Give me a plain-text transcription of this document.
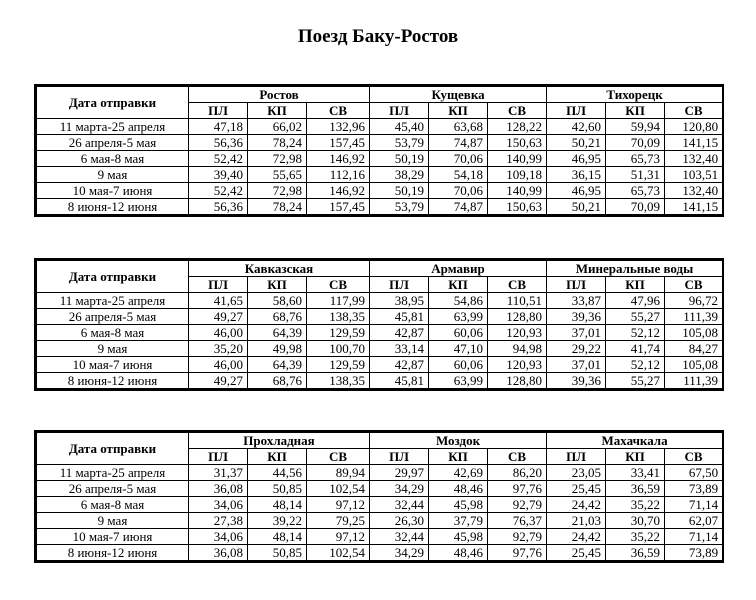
Поезд Баку-Ростов
Дата отправки	Ростов			Кущевка			Тихорецк		
	ПЛ	КП	СВ	ПЛ	КП	СВ	ПЛ	КП	СВ
11 марта-25 апреля	47,18	66,02	132,96	45,40	63,68	128,22	42,60	59,94	120,80
26 апреля-5 мая	56,36	78,24	157,45	53,79	74,87	150,63	50,21	70,09	141,15
6 мая-8 мая	52,42	72,98	146,92	50,19	70,06	140,99	46,95	65,73	132,40
9 мая	39,40	55,65	112,16	38,29	54,18	109,18	36,15	51,31	103,51
10 мая-7 июня	52,42	72,98	146,92	50,19	70,06	140,99	46,95	65,73	132,40
8 июня-12 июня	56,36	78,24	157,45	53,79	74,87	150,63	50,21	70,09	141,15
Дата отправки	Кавказская			Армавир			Минеральные воды		
	ПЛ	КП	СВ	ПЛ	КП	СВ	ПЛ	КП	СВ
11 марта-25 апреля	41,65	58,60	117,99	38,95	54,86	110,51	33,87	47,96	96,72
26 апреля-5 мая	49,27	68,76	138,35	45,81	63,99	128,80	39,36	55,27	111,39
6 мая-8 мая	46,00	64,39	129,59	42,87	60,06	120,93	37,01	52,12	105,08
9 мая	35,20	49,98	100,70	33,14	47,10	94,98	29,22	41,74	84,27
10 мая-7 июня	46,00	64,39	129,59	42,87	60,06	120,93	37,01	52,12	105,08
8 июня-12 июня	49,27	68,76	138,35	45,81	63,99	128,80	39,36	55,27	111,39
Дата отправки	Прохладная			Моздок			Махачкала		
	ПЛ	КП	СВ	ПЛ	КП	СВ	ПЛ	КП	СВ
11 марта-25 апреля	31,37	44,56	89,94	29,97	42,69	86,20	23,05	33,41	67,50
26 апреля-5 мая	36,08	50,85	102,54	34,29	48,46	97,76	25,45	36,59	73,89
6 мая-8 мая	34,06	48,14	97,12	32,44	45,98	92,79	24,42	35,22	71,14
9 мая	27,38	39,22	79,25	26,30	37,79	76,37	21,03	30,70	62,07
10 мая-7 июня	34,06	48,14	97,12	32,44	45,98	92,79	24,42	35,22	71,14
8 июня-12 июня	36,08	50,85	102,54	34,29	48,46	97,76	25,45	36,59	73,89
